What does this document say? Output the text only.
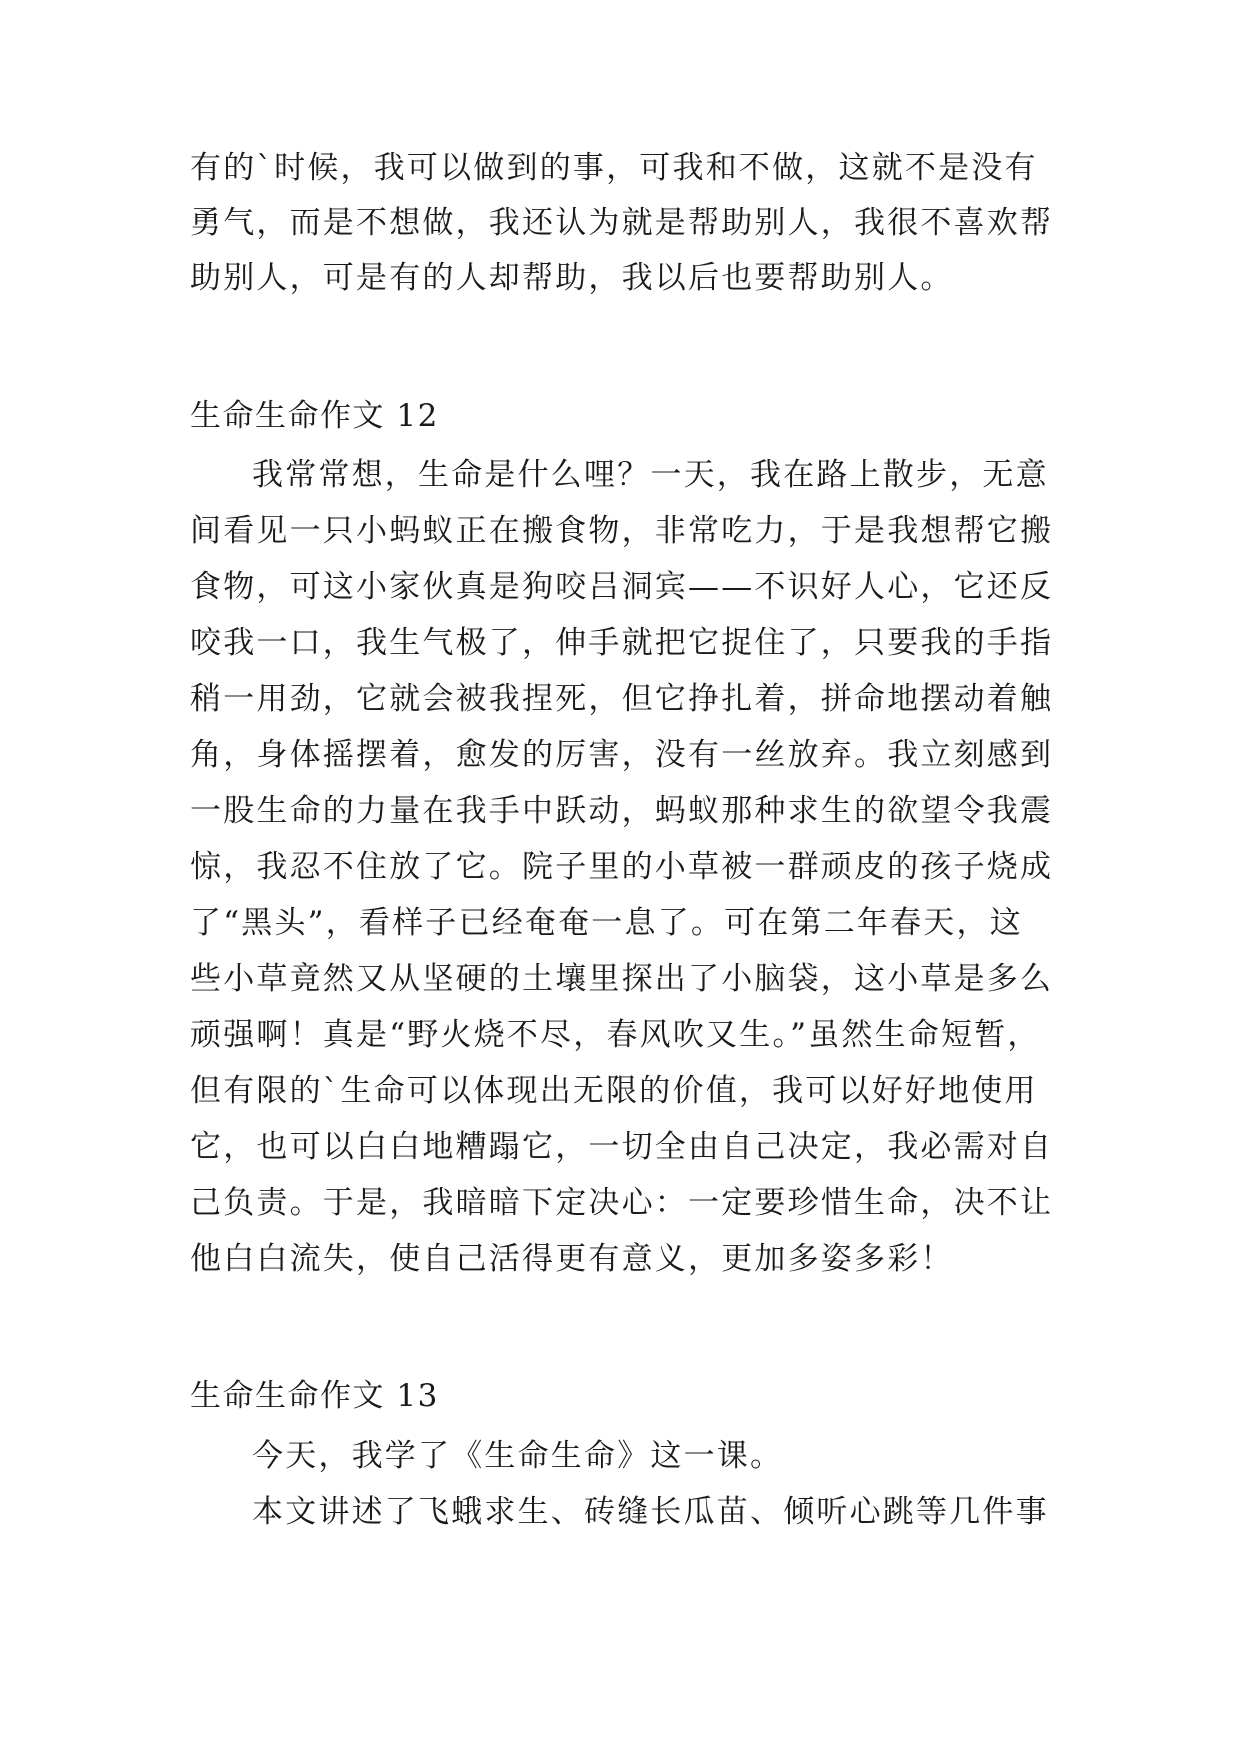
有的`时候，我可以做到的事，可我和不做，这就不是没有
勇气，而是不想做，我还认为就是帮助别人，我很不喜欢帮
助别人，可是有的人却帮助，我以后也要帮助别人。
生命生命作文 12
我常常想，生命是什么哩？一天，我在路上散步，无意
间看见一只小蚂蚁正在搬食物，非常吃力，于是我想帮它搬
食物，可这小家伙真是狗咬吕洞宾——不识好人心，它还反
咬我一口，我生气极了，伸手就把它捉住了，只要我的手指
稍一用劲，它就会被我捏死，但它挣扎着，拼命地摆动着触
角，身体摇摆着，愈发的厉害，没有一丝放弃。我立刻感到
一股生命的力量在我手中跃动，蚂蚁那种求生的欲望令我震
惊，我忍不住放了它。院子里的小草被一群顽皮的孩子烧成
了“黑头”，看样子已经奄奄一息了。可在第二年春天，这
些小草竟然又从坚硬的土壤里探出了小脑袋，这小草是多么
顽强啊！真是“野火烧不尽，春风吹又生。”虽然生命短暂，
但有限的`生命可以体现出无限的价值，我可以好好地使用
它，也可以白白地糟蹋它，一切全由自己决定，我必需对自
己负责。于是，我暗暗下定决心：一定要珍惜生命，决不让
他白白流失，使自己活得更有意义，更加多姿多彩！
生命生命作文 13
今天，我学了《生命生命》这一课。
本文讲述了飞蛾求生、砖缝长瓜苗、倾听心跳等几件事
